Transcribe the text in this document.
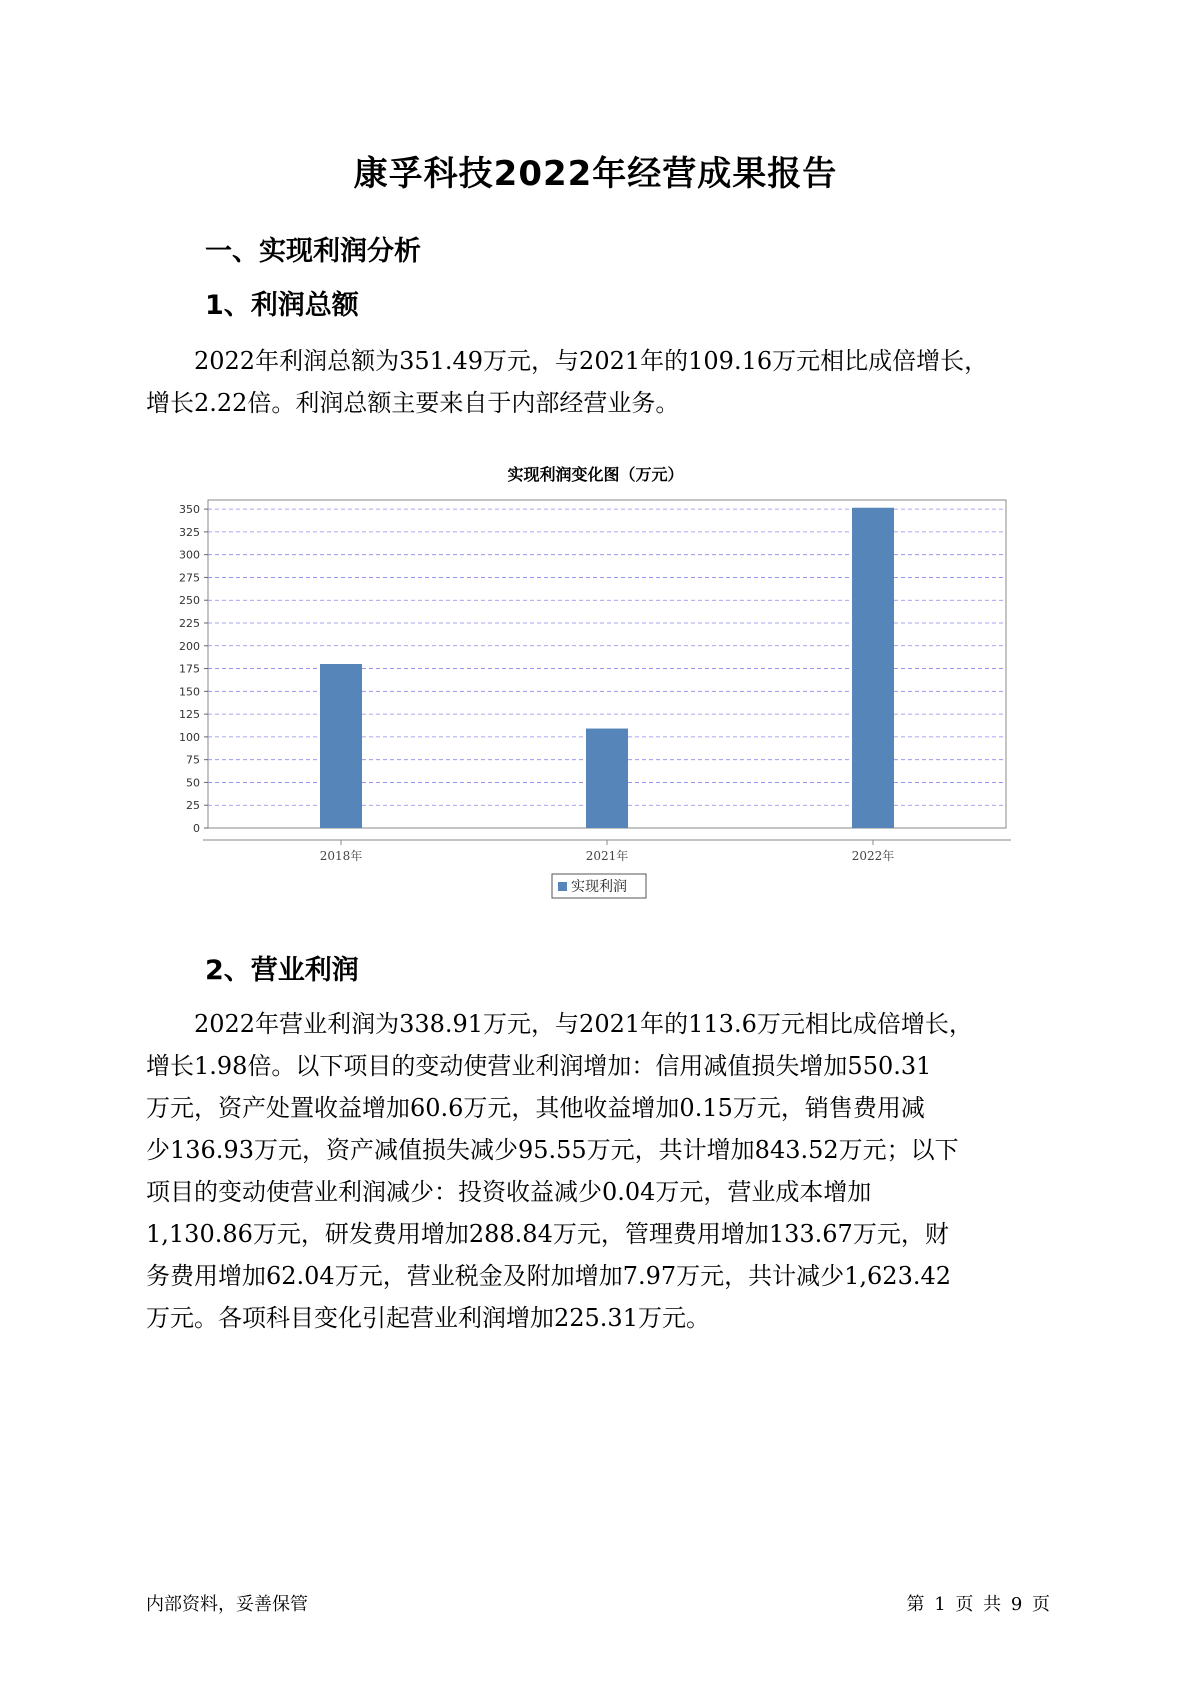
康孚科技2022年经营成果报告
一、实现利润分析
1、利润总额
2022年利润总额为351.49万元，与2021年的109.16万元相比成倍增长，
增长2.22倍。利润总额主要来自于内部经营业务。
实现利润变化图（万元）
0
25
50
75
100
125
150
175
200
225
250
275
300
325
350
2018年	2021年	2022年
实现利润
2、营业利润
2022年营业利润为338.91万元，与2021年的113.6万元相比成倍增长，
增长1.98倍。以下项目的变动使营业利润增加：信用减值损失增加550.31
万元，资产处置收益增加60.6万元，其他收益增加0.15万元，销售费用减
少136.93万元，资产减值损失减少95.55万元，共计增加843.52万元；以下
项目的变动使营业利润减少：投资收益减少0.04万元，营业成本增加
1,130.86万元，研发费用增加288.84万元，管理费用增加133.67万元，财
务费用增加62.04万元，营业税金及附加增加7.97万元，共计减少1,623.42
万元。各项科目变化引起营业利润增加225.31万元。
内部资料，妥善保管	第 1 页 共 9 页
